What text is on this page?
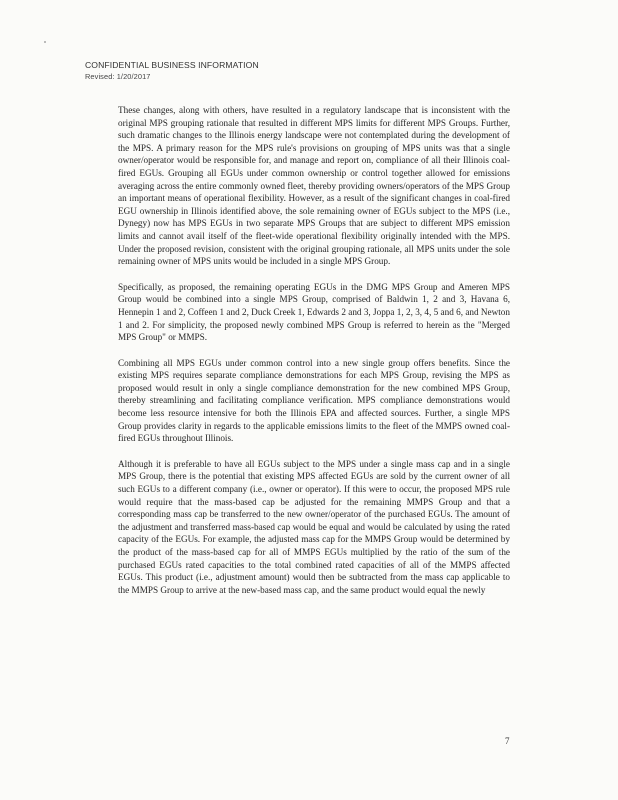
CONFIDENTIAL BUSINESS INFORMATION
Revised: 1/20/2017

These changes, along with others, have resulted in a regulatory landscape that is inconsistent with the original MPS grouping rationale that resulted in different MPS limits for different MPS Groups. Further, such dramatic changes to the Illinois energy landscape were not contemplated during the development of the MPS. A primary reason for the MPS rule's provisions on grouping of MPS units was that a single owner/operator would be responsible for, and manage and report on, compliance of all their Illinois coal-fired EGUs. Grouping all EGUs under common ownership or control together allowed for emissions averaging across the entire commonly owned fleet, thereby providing owners/operators of the MPS Group an important means of operational flexibility. However, as a result of the significant changes in coal-fired EGU ownership in Illinois identified above, the sole remaining owner of EGUs subject to the MPS (i.e., Dynegy) now has MPS EGUs in two separate MPS Groups that are subject to different MPS emission limits and cannot avail itself of the fleet-wide operational flexibility originally intended with the MPS. Under the proposed revision, consistent with the original grouping rationale, all MPS units under the sole remaining owner of MPS units would be included in a single MPS Group.

Specifically, as proposed, the remaining operating EGUs in the DMG MPS Group and Ameren MPS Group would be combined into a single MPS Group, comprised of Baldwin 1, 2 and 3, Havana 6, Hennepin 1 and 2, Coffeen 1 and 2, Duck Creek 1, Edwards 2 and 3, Joppa 1, 2, 3, 4, 5 and 6, and Newton 1 and 2. For simplicity, the proposed newly combined MPS Group is referred to herein as the "Merged MPS Group" or MMPS.

Combining all MPS EGUs under common control into a new single group offers benefits. Since the existing MPS requires separate compliance demonstrations for each MPS Group, revising the MPS as proposed would result in only a single compliance demonstration for the new combined MPS Group, thereby streamlining and facilitating compliance verification. MPS compliance demonstrations would become less resource intensive for both the Illinois EPA and affected sources. Further, a single MPS Group provides clarity in regards to the applicable emissions limits to the fleet of the MMPS owned coal-fired EGUs throughout Illinois.

Although it is preferable to have all EGUs subject to the MPS under a single mass cap and in a single MPS Group, there is the potential that existing MPS affected EGUs are sold by the current owner of all such EGUs to a different company (i.e., owner or operator). If this were to occur, the proposed MPS rule would require that the mass-based cap be adjusted for the remaining MMPS Group and that a corresponding mass cap be transferred to the new owner/operator of the purchased EGUs. The amount of the adjustment and transferred mass-based cap would be equal and would be calculated by using the rated capacity of the EGUs. For example, the adjusted mass cap for the MMPS Group would be determined by the product of the mass-based cap for all of MMPS EGUs multiplied by the ratio of the sum of the purchased EGUs rated capacities to the total combined rated capacities of all of the MMPS affected EGUs. This product (i.e., adjustment amount) would then be subtracted from the mass cap applicable to the MMPS Group to arrive at the new-based mass cap, and the same product would equal the newly

7
